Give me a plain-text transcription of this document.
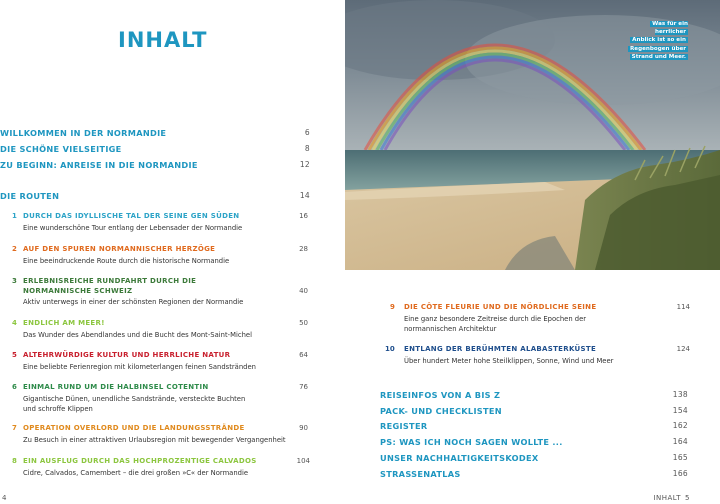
INHALT
WILLKOMMEN IN DER NORMANDIE	6
DIE SCHÖNE VIELSEITIGE	8
ZU BEGINN: ANREISE IN DIE NORMANDIE	12
DIE ROUTEN	14
1 DURCH DAS IDYLLISCHE TAL DER SEINE GEN SÜDEN	16
Eine wunderschöne Tour entlang der Lebensader der Normandie
2 AUF DEN SPUREN NORMANNISCHER HERZÖGE	28
Eine beeindruckende Route durch die historische Normandie
3 ERLEBNISREICHE RUNDFAHRT DURCH DIE NORMANNISCHE SCHWEIZ	40
Aktiv unterwegs in einer der schönsten Regionen der Normandie
4 ENDLICH AM MEER!	50
Das Wunder des Abendlandes und die Bucht des Mont-Saint-Michel
5 ALTEHRWÜRDIGE KULTUR UND HERRLICHE NATUR	64
Eine beliebte Ferienregion mit kilometerlangen feinen Sandstränden
6 EINMAL RUND UM DIE HALBINSEL COTENTIN	76
Gigantische Dünen, unendliche Sandstrände, versteckte Buchten
und schroffe Klippen
7 OPERATION OVERLORD UND DIE LANDUNGSSTRÄNDE	90
Zu Besuch in einer attraktiven Urlaubsregion mit bewegender Vergangenheit
8 EIN AUSFLUG DURCH DAS HOCHPROZENTIGE CALVADOS	104
Cidre, Calvados, Camembert – die drei großen »C« der Normandie
Was für ein herrlicher
Anblick ist so ein
Regenbogen über
Strand und Meer.
9 DIE CÔTE FLEURIE UND DIE NÖRDLICHE SEINE	114
Eine ganz besondere Zeitreise durch die Epochen der
normannischen Architektur
10 ENTLANG DER BERÜHMTEN ALABASTERKÜSTE	124
Über hundert Meter hohe Steilklippen, Sonne, Wind und Meer
REISEINFOS VON A BIS Z	138
PACK- UND CHECKLISTEN	154
REGISTER	162
PS: WAS ICH NOCH SAGEN WOLLTE ...	164
UNSER NACHHALTIGKEITSKODEX	165
STRASSENATLAS	166
4	INHALT 5
